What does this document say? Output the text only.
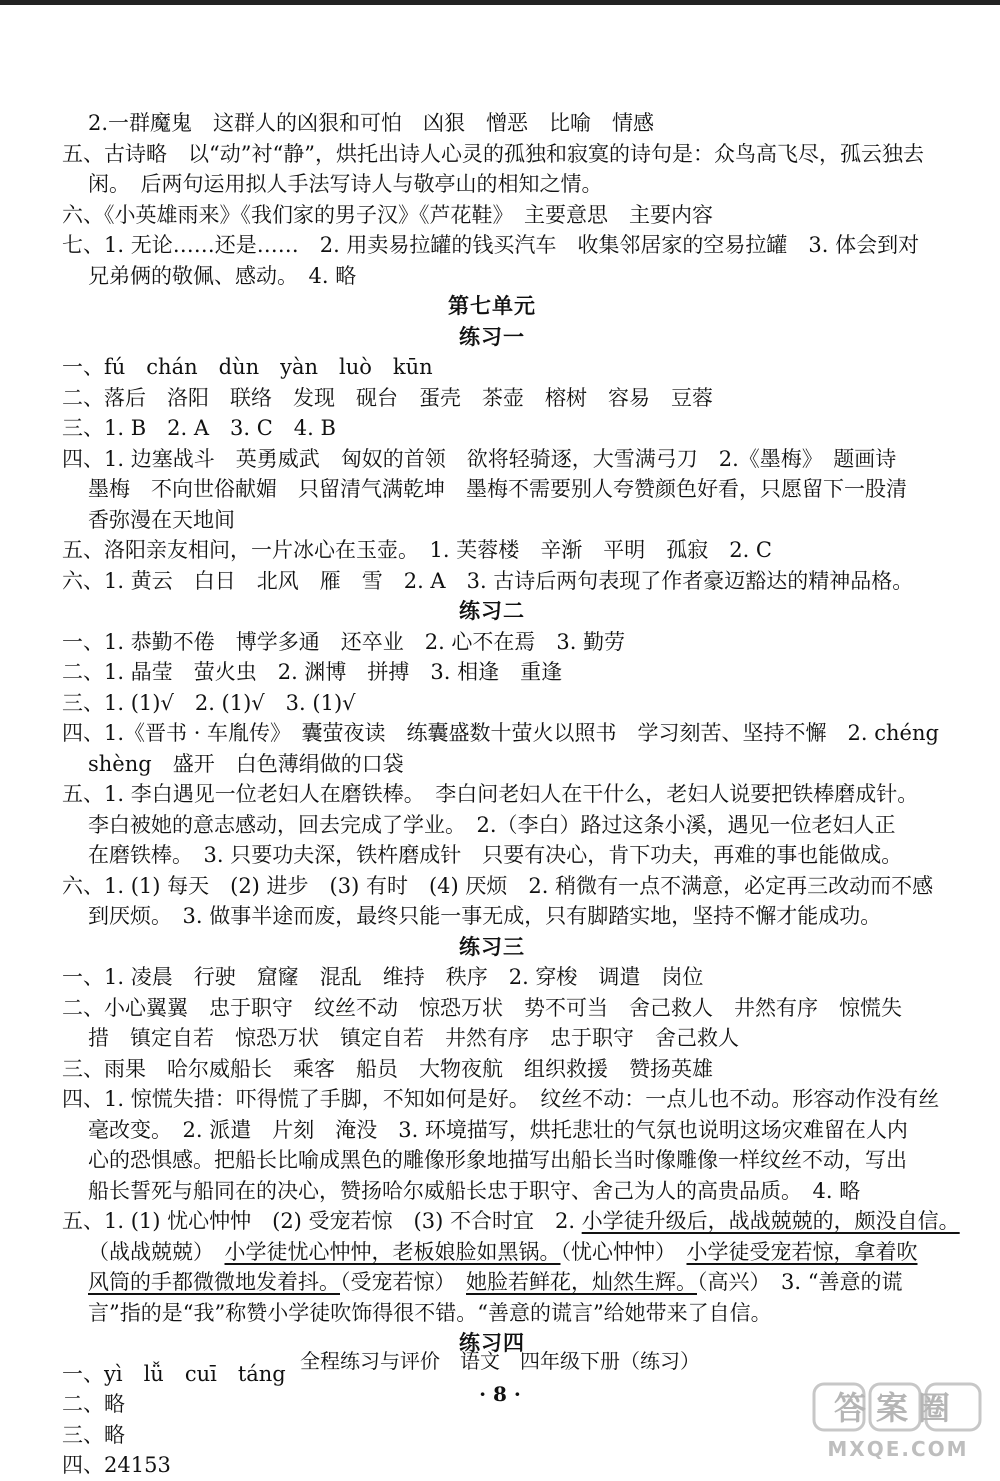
2.一群魔鬼　这群人的凶狠和可怕　凶狠　憎恶　比喻　情感
五、古诗略　以“动”衬“静”，烘托出诗人心灵的孤独和寂寞的诗句是：众鸟高飞尽，孤云独去
闲。　后两句运用拟人手法写诗人与敬亭山的相知之情。
六、《小英雄雨来》《我们家的男子汉》《芦花鞋》　主要意思　主要内容
七、1. 无论……还是……　2. 用卖易拉罐的钱买汽车　收集邻居家的空易拉罐　3. 体会到对
兄弟俩的敬佩、感动。　4. 略
第七单元
练习一
一、fú　chán　dùn　yàn　luò　kūn
二、落后　洛阳　联络　发现　砚台　蛋壳　茶壶　榕树　容易　豆蓉
三、1. B　2. A　3. C　4. B
四、1. 边塞战斗　英勇威武　匈奴的首领　欲将轻骑逐，大雪满弓刀　2.《墨梅》　题画诗
墨梅　不向世俗献媚　只留清气满乾坤　墨梅不需要别人夸赞颜色好看，只愿留下一股清
香弥漫在天地间
五、洛阳亲友相问，一片冰心在玉壶。　1. 芙蓉楼　辛渐　平明　孤寂　2. C
六、1. 黄云　白日　北风　雁　雪　2. A　3. 古诗后两句表现了作者豪迈豁达的精神品格。
练习二
一、1. 恭勤不倦　博学多通　还卒业　2. 心不在焉　3. 勤劳
二、1. 晶莹　萤火虫　2. 渊博　拼搏　3. 相逢　重逢
三、1. (1)√　2. (1)√　3. (1)√
四、1.《晋书 · 车胤传》　囊萤夜读　练囊盛数十萤火以照书　学习刻苦、坚持不懈　2. chéng
shèng　盛开　白色薄绢做的口袋
五、1. 李白遇见一位老妇人在磨铁棒。　李白问老妇人在干什么，老妇人说要把铁棒磨成针。
李白被她的意志感动，回去完成了学业。　2.（李白）路过这条小溪，遇见一位老妇人正
在磨铁棒。　3. 只要功夫深，铁杵磨成针　只要有决心，肯下功夫，再难的事也能做成。
六、1. (1) 每天　(2) 进步　(3) 有时　(4) 厌烦　2. 稍微有一点不满意，必定再三改动而不感
到厌烦。　3. 做事半途而废，最终只能一事无成，只有脚踏实地，坚持不懈才能成功。
练习三
一、1. 凌晨　行驶　窟窿　混乱　维持　秩序　2. 穿梭　调遣　岗位
二、小心翼翼　忠于职守　纹丝不动　惊恐万状　势不可当　舍己救人　井然有序　惊慌失
措　镇定自若　惊恐万状　镇定自若　井然有序　忠于职守　舍己救人
三、雨果　哈尔威船长　乘客　船员　大物夜航　组织救援　赞扬英雄
四、1. 惊慌失措：吓得慌了手脚，不知如何是好。　纹丝不动：一点儿也不动。形容动作没有丝
毫改变。　2. 派遣　片刻　淹没　3. 环境描写，烘托悲壮的气氛也说明这场灾难留在人内
心的恐惧感。把船长比喻成黑色的雕像形象地描写出船长当时像雕像一样纹丝不动，写出
船长誓死与船同在的决心，赞扬哈尔威船长忠于职守、舍己为人的高贵品质。　4. 略
五、1. (1) 忧心忡忡　(2) 受宠若惊　(3) 不合时宜　2. 小学徒升级后，战战兢兢的，颇没自信。
（战战兢兢）　小学徒忧心忡忡，老板娘脸如黑锅。（忧心忡忡）　小学徒受宠若惊，拿着吹
风筒的手都微微地发着抖。（受宠若惊）　她脸若鲜花，灿然生辉。（高兴）　3. “善意的谎
言”指的是“我”称赞小学徒吹饰得很不错。“善意的谎言”给她带来了自信。
练习四
一、yì　lǚ　cuī　táng
二、略
三、略
四、24153
全程练习与评价　语文　四年级下册（练习）
· 8 ·	答案圈
MXQE.COM
